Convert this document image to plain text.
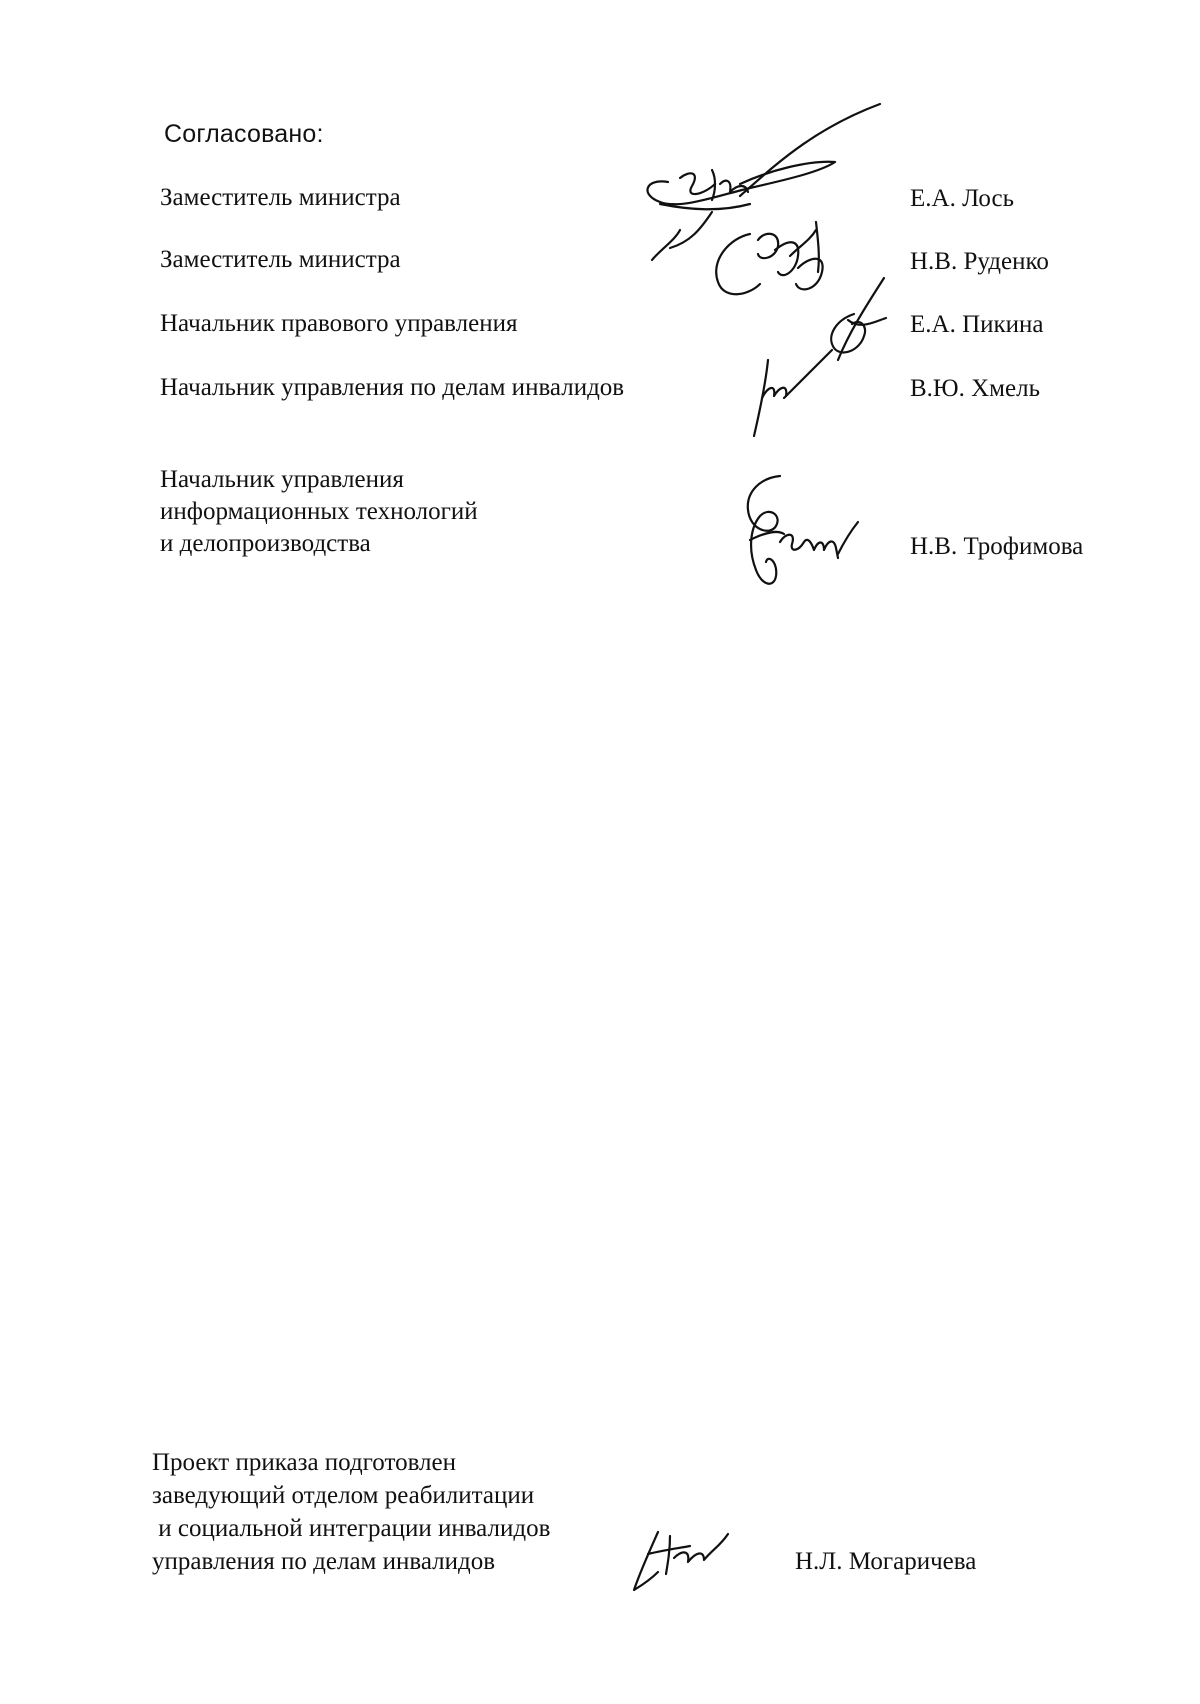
Согласовано:
Заместитель министра	Е.А. Лось
Заместитель министра	Н.В. Руденко
Начальник правового управления	Е.А. Пикина
Начальник управления по делам инвалидов	В.Ю. Хмель
Начальник управления
информационных технологий
и делопроизводства	Н.В. Трофимова
Проект приказа подготовлен
заведующий отделом реабилитации
и социальной интеграции инвалидов
управления по делам инвалидов	Н.Л. Могаричева
